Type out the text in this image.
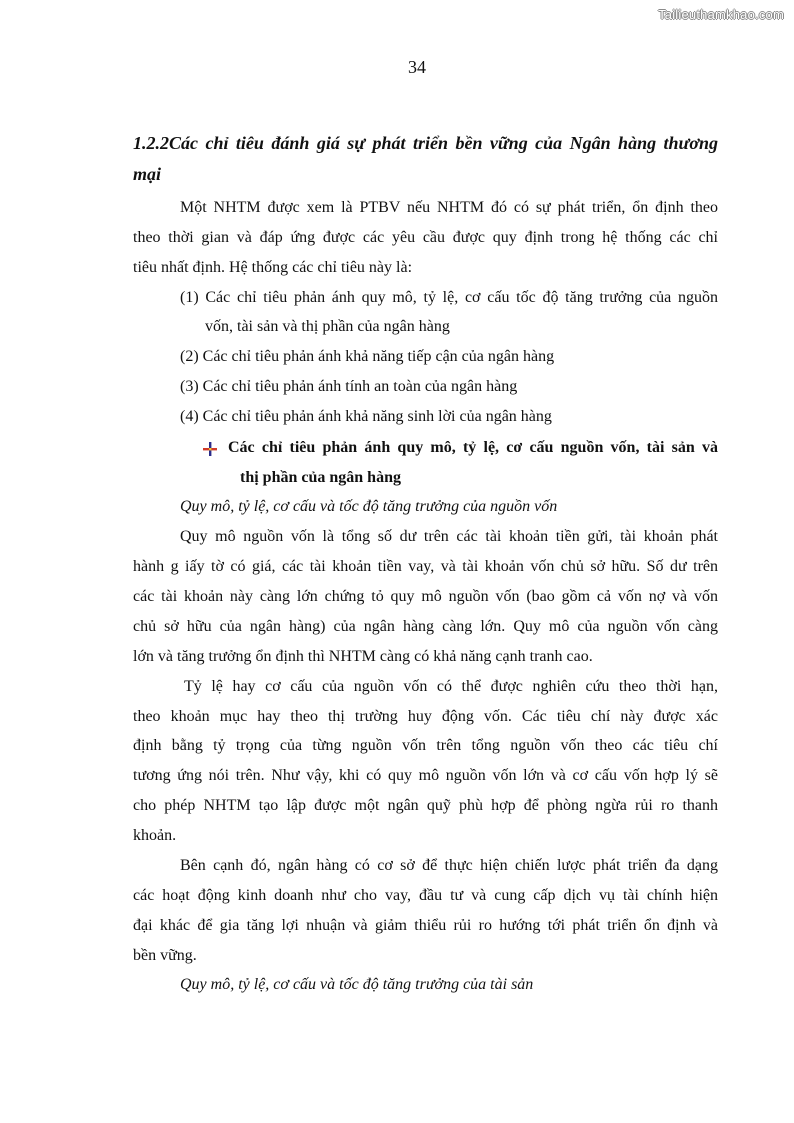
Tailieuthamkhao.com
34
1.2.2Các chỉ tiêu đánh giá sự phát triển bền vững của Ngân hàng thương
mại
Một NHTM được xem là PTBV nếu NHTM đó có sự phát triển, ổn định theo
theo thời gian và đáp ứng được các yêu cầu được quy định trong hệ thống các chỉ
tiêu nhất định. Hệ thống các chỉ tiêu này là:
(1) Các chỉ tiêu phản ánh quy mô, tỷ lệ, cơ cấu tốc độ tăng trưởng của nguồn
vốn, tài sản và thị phần của ngân hàng
(2) Các chỉ tiêu phản ánh khả năng tiếp cận của ngân hàng
(3) Các chỉ tiêu phản ánh tính an toàn của ngân hàng
(4) Các chỉ tiêu phản ánh khả năng sinh lời của ngân hàng
Các chỉ tiêu phản ánh quy mô, tỷ lệ, cơ cấu nguồn vốn, tài sản và
thị phần của ngân hàng
Quy mô, tỷ lệ, cơ cấu và tốc độ tăng trưởng của nguồn vốn
Quy mô nguồn vốn là tổng số dư trên các tài khoản tiền gửi, tài khoản phát
hành g iấy tờ có giá, các tài khoản tiền vay, và tài khoản vốn chủ sở hữu. Số dư trên
các tài khoản này càng lớn chứng tỏ quy mô nguồn vốn (bao gồm cả vốn nợ và vốn
chủ sở hữu của ngân hàng) của ngân hàng càng lớn. Quy mô của nguồn vốn càng
lớn và tăng trưởng ổn định thì NHTM càng có khả năng cạnh tranh cao.
Tỷ lệ hay cơ cấu của nguồn vốn có thể được nghiên cứu theo thời hạn,
theo khoản mục hay theo thị trường huy động vốn. Các tiêu chí này được xác
định bằng tỷ trọng của từng nguồn vốn trên tổng nguồn vốn theo các tiêu chí
tương ứng nói trên. Như vậy, khi có quy mô nguồn vốn lớn và cơ cấu vốn hợp lý sẽ
cho phép NHTM tạo lập được một ngân quỹ phù hợp để phòng ngừa rủi ro thanh
khoản.
Bên cạnh đó, ngân hàng có cơ sở để thực hiện chiến lược phát triển đa dạng
các hoạt động kinh doanh như cho vay, đầu tư và cung cấp dịch vụ tài chính hiện
đại khác để gia tăng lợi nhuận và giảm thiểu rủi ro hướng tới phát triển ổn định và
bền vững.
Quy mô, tỷ lệ, cơ cấu và tốc độ tăng trưởng của tài sản
